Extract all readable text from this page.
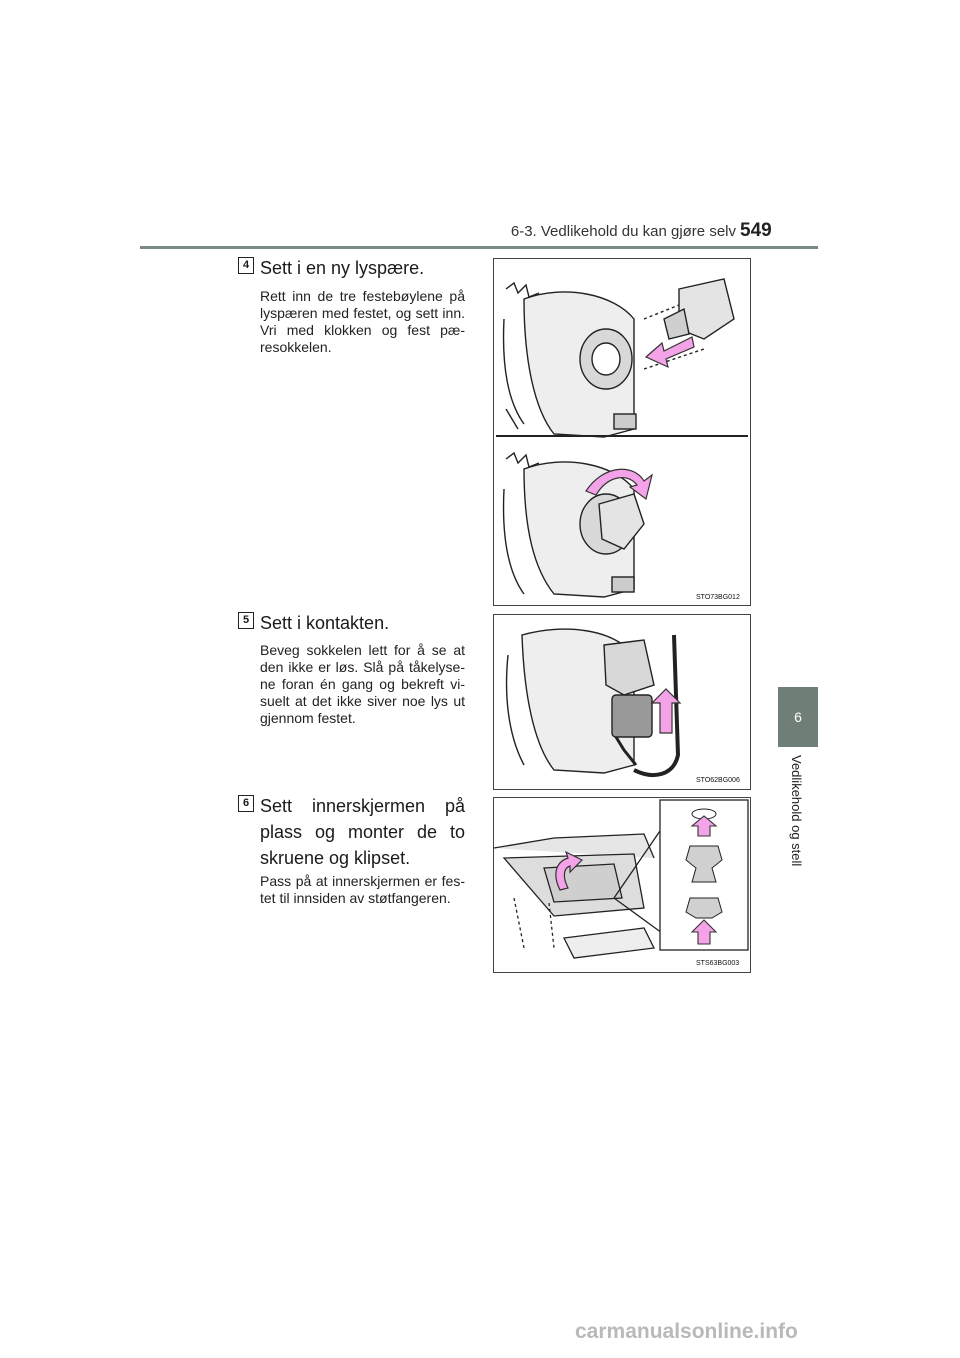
6-3. Vedlikehold du kan gjøre selv 549
6
Vedlikehold og stell
4 Sett i en ny lyspære.
Rett inn de tre festebøylene på lyspæren med festet, og sett inn. Vri med klokken og fest pæ-resokkelen.
STO73BG012
5 Sett i kontakten.
Beveg sokkelen lett for å se at den ikke er løs. Slå på tåkelyse-ne foran én gang og bekreft vi-suelt at det ikke siver noe lys ut gjennom festet.
STO62BG006
6 Sett innerskjermen på plass og monter de to skruene og klipset.
Pass på at innerskjermen er fes-tet til innsiden av støtfangeren.
STS63BG003
carmanualsonline.info
